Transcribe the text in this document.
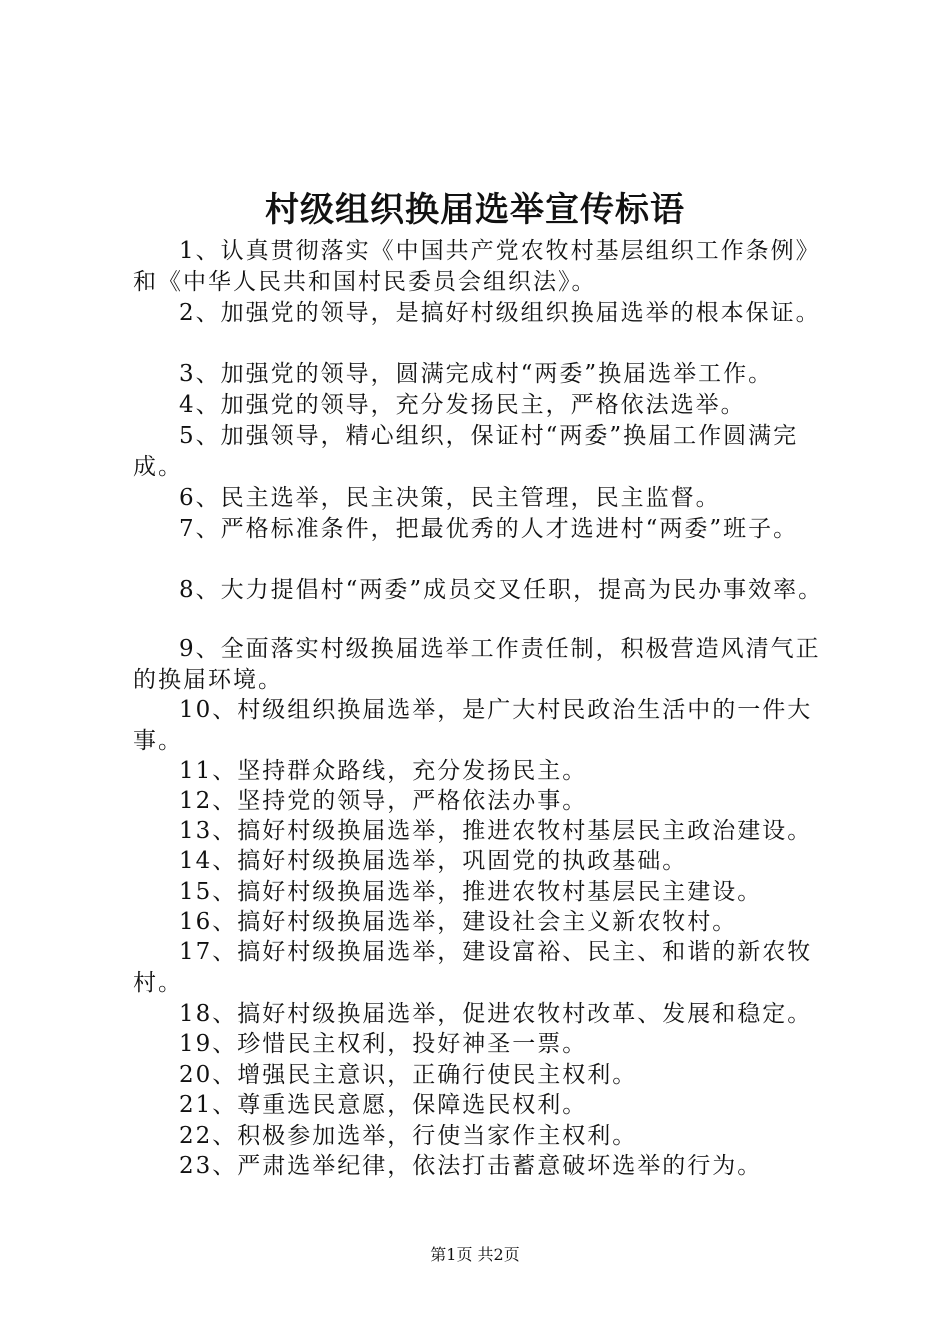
村级组织换届选举宣传标语

1、认真贯彻落实《中国共产党农牧村基层组织工作条例》和《中华人民共和国村民委员会组织法》。

2、加强党的领导，是搞好村级组织换届选举的根本保证。

3、加强党的领导，圆满完成村“两委”换届选举工作。

4、加强党的领导，充分发扬民主，严格依法选举。

5、加强领导，精心组织，保证村“两委”换届工作圆满完成。

6、民主选举，民主决策，民主管理，民主监督。

7、严格标准条件，把最优秀的人才选进村“两委”班子。

8、大力提倡村“两委”成员交叉任职，提高为民办事效率。

9、全面落实村级换届选举工作责任制，积极营造风清气正的换届环境。

10、村级组织换届选举，是广大村民政治生活中的一件大事。

11、坚持群众路线，充分发扬民主。

12、坚持党的领导，严格依法办事。

13、搞好村级换届选举，推进农牧村基层民主政治建设。

14、搞好村级换届选举，巩固党的执政基础。

15、搞好村级换届选举，推进农牧村基层民主建设。

16、搞好村级换届选举，建设社会主义新农牧村。

17、搞好村级换届选举，建设富裕、民主、和谐的新农牧村。

18、搞好村级换届选举，促进农牧村改革、发展和稳定。

19、珍惜民主权利，投好神圣一票。

20、增强民主意识，正确行使民主权利。

21、尊重选民意愿，保障选民权利。

22、积极参加选举，行使当家作主权利。

23、严肃选举纪律，依法打击蓄意破坏选举的行为。

第1页 共2页
